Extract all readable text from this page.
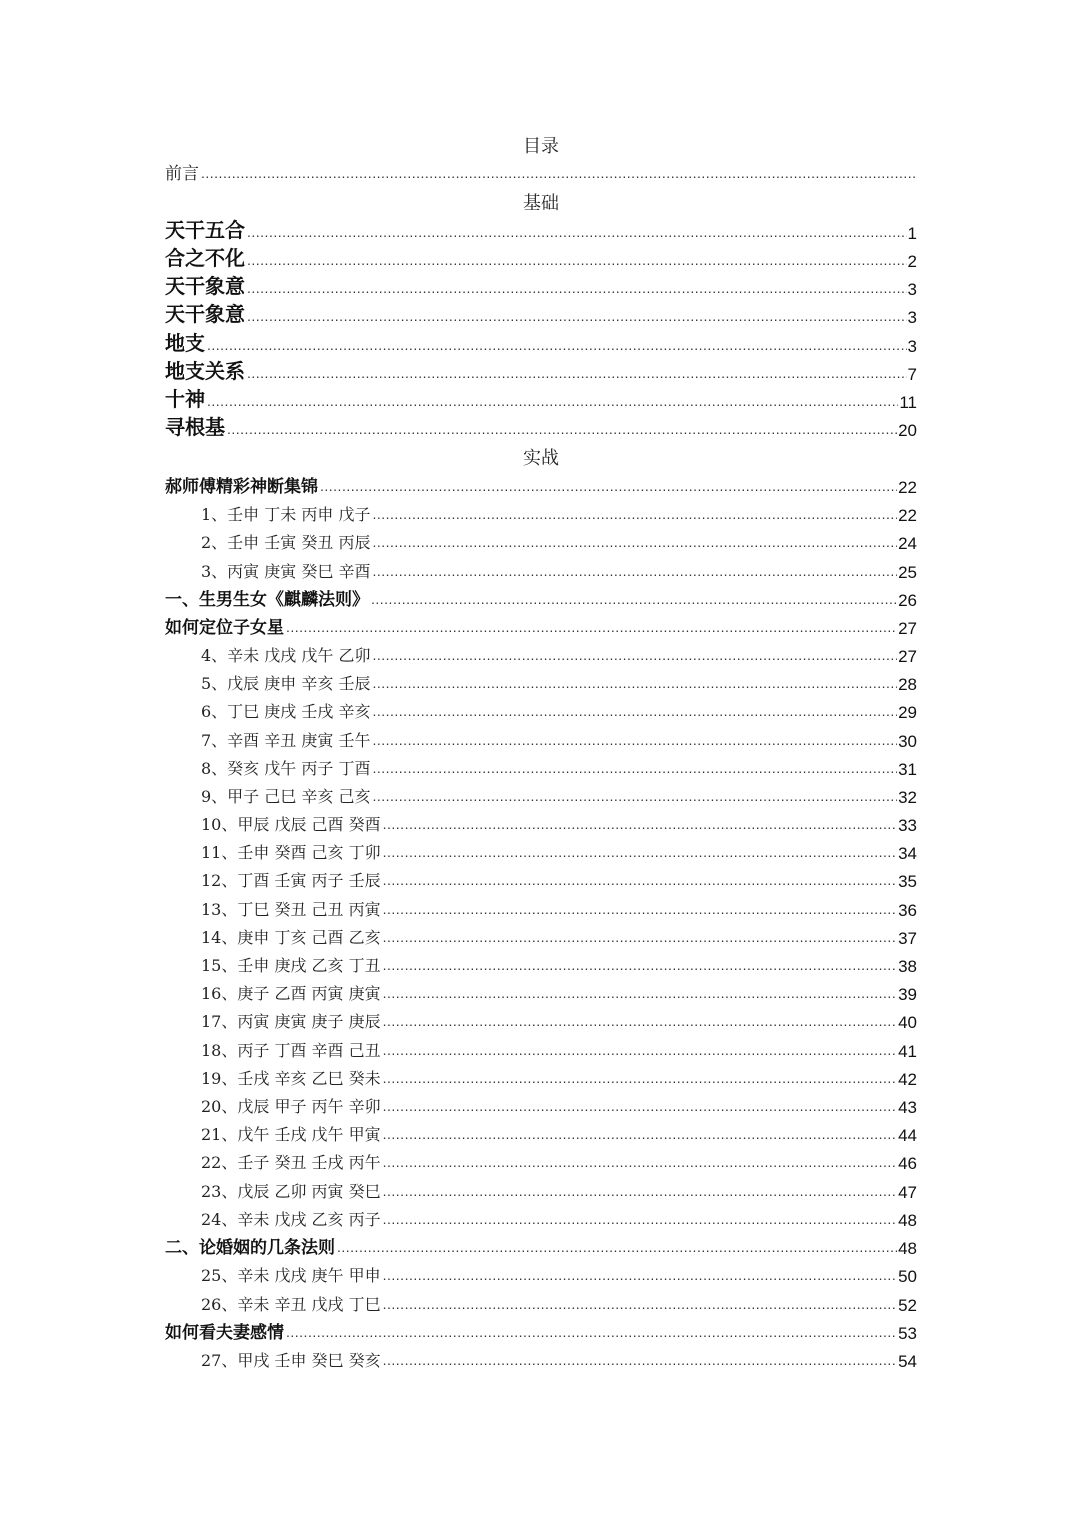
目录
前言
.....
基础
天干五合 .....	1
合之不化 .....	2
天干象意 .....	3
天干象意 .....	3
地支 .....	3
地支关系 .....	7
十神 .....	11
寻根基 .....	20
实战
郝师傅精彩神断集锦 .....	22
1、壬申 丁未 丙申 戊子 .....	22
2、壬申 壬寅 癸丑 丙辰 .....	24
3、丙寅 庚寅 癸巳 辛酉 .....	25
一、生男生女《麒麟法则》 .....	26
如何定位子女星 .....	27
4、辛未 戊戌 戊午 乙卯 .....	27
5、戊辰 庚申 辛亥 壬辰 .....	28
6、丁巳 庚戌 壬戌 辛亥 .....	29
7、辛酉 辛丑 庚寅 壬午 .....	30
8、癸亥 戊午 丙子 丁酉 .....	31
9、甲子 己巳 辛亥 己亥 .....	32
10、甲辰 戊辰 己酉 癸酉 .....	33
11、壬申 癸酉 己亥 丁卯 .....	34
12、丁酉 壬寅 丙子 壬辰 .....	35
13、丁巳 癸丑 己丑 丙寅 .....	36
14、庚申 丁亥 己酉 乙亥 .....	37
15、壬申 庚戌 乙亥 丁丑 .....	38
16、庚子 乙酉 丙寅 庚寅 .....	39
17、丙寅 庚寅 庚子 庚辰 .....	40
18、丙子 丁酉 辛酉 己丑 .....	41
19、壬戌 辛亥 乙巳 癸未 .....	42
20、戊辰 甲子 丙午 辛卯 .....	43
21、戊午 壬戌 戊午 甲寅 .....	44
22、壬子 癸丑 壬戌 丙午 .....	46
23、戊辰 乙卯 丙寅 癸巳 .....	47
24、辛未 戊戌 乙亥 丙子 .....	48
二、论婚姻的几条法则 .....	48
25、辛未 戊戌 庚午 甲申 .....	50
26、辛未 辛丑 戊戌 丁巳 .....	52
如何看夫妻感情 .....	53
27、甲戌 壬申 癸巳 癸亥 .....	54
